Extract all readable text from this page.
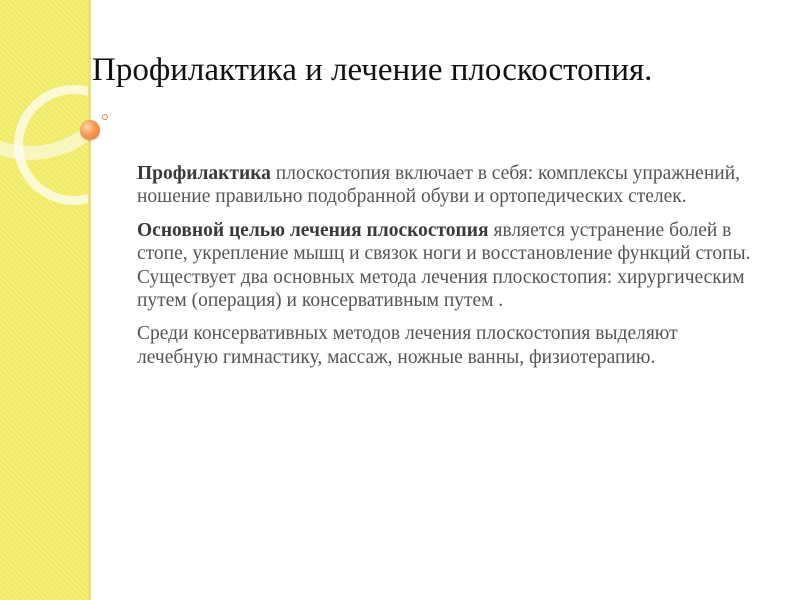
Профилактика и лечение плоскостопия.

Профилактика плоскостопия включает в себя: комплексы упражнений, ношение правильно подобранной обуви и ортопедических стелек.

Основной целью лечения плоскостопия является устранение болей в стопе, укрепление мышц и связок ноги и восстановление функций стопы. Существует два основных метода лечения плоскостопия: хирургическим путем (операция) и консервативным путем .

Среди консервативных методов лечения плоскостопия выделяют лечебную гимнастику, массаж, ножные ванны, физиотерапию.
